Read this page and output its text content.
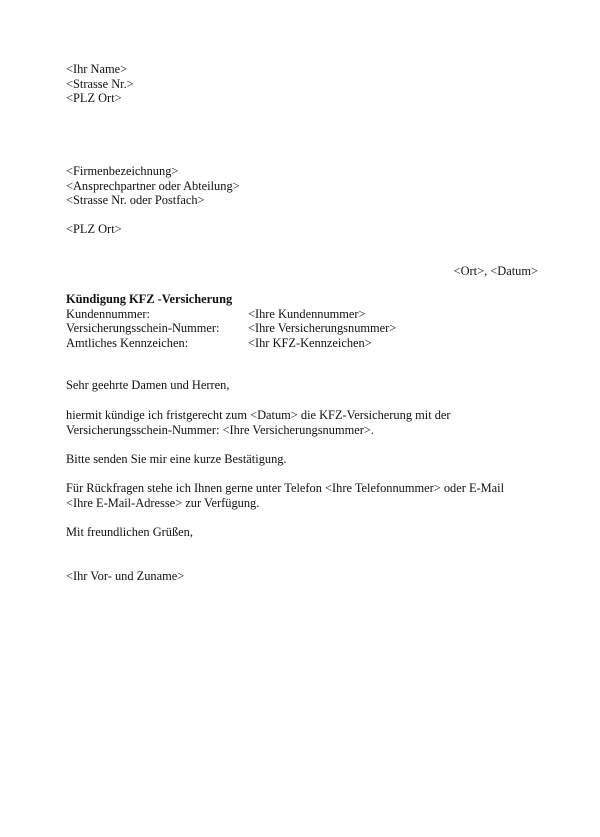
<Ihr Name>
<Strasse Nr.>
<PLZ Ort>
<Firmenbezeichnung>
<Ansprechpartner oder Abteilung>
<Strasse Nr. oder Postfach>
<PLZ Ort>
<Ort>, <Datum>
Kündigung KFZ -Versicherung
Kundennummer:	<Ihre Kundennummer>
Versicherungsschein-Nummer:	<Ihre Versicherungsnummer>
Amtliches Kennzeichen:	<Ihr KFZ-Kennzeichen>
Sehr geehrte Damen und Herren,
hiermit kündige ich fristgerecht zum <Datum> die KFZ-Versicherung mit der
Versicherungsschein-Nummer: <Ihre Versicherungsnummer>.
Bitte senden Sie mir eine kurze Bestätigung.
Für Rückfragen stehe ich Ihnen gerne unter Telefon <Ihre Telefonnummer> oder E-Mail
<Ihre E-Mail-Adresse> zur Verfügung.
Mit freundlichen Grüßen,
<Ihr Vor- und Zuname>
